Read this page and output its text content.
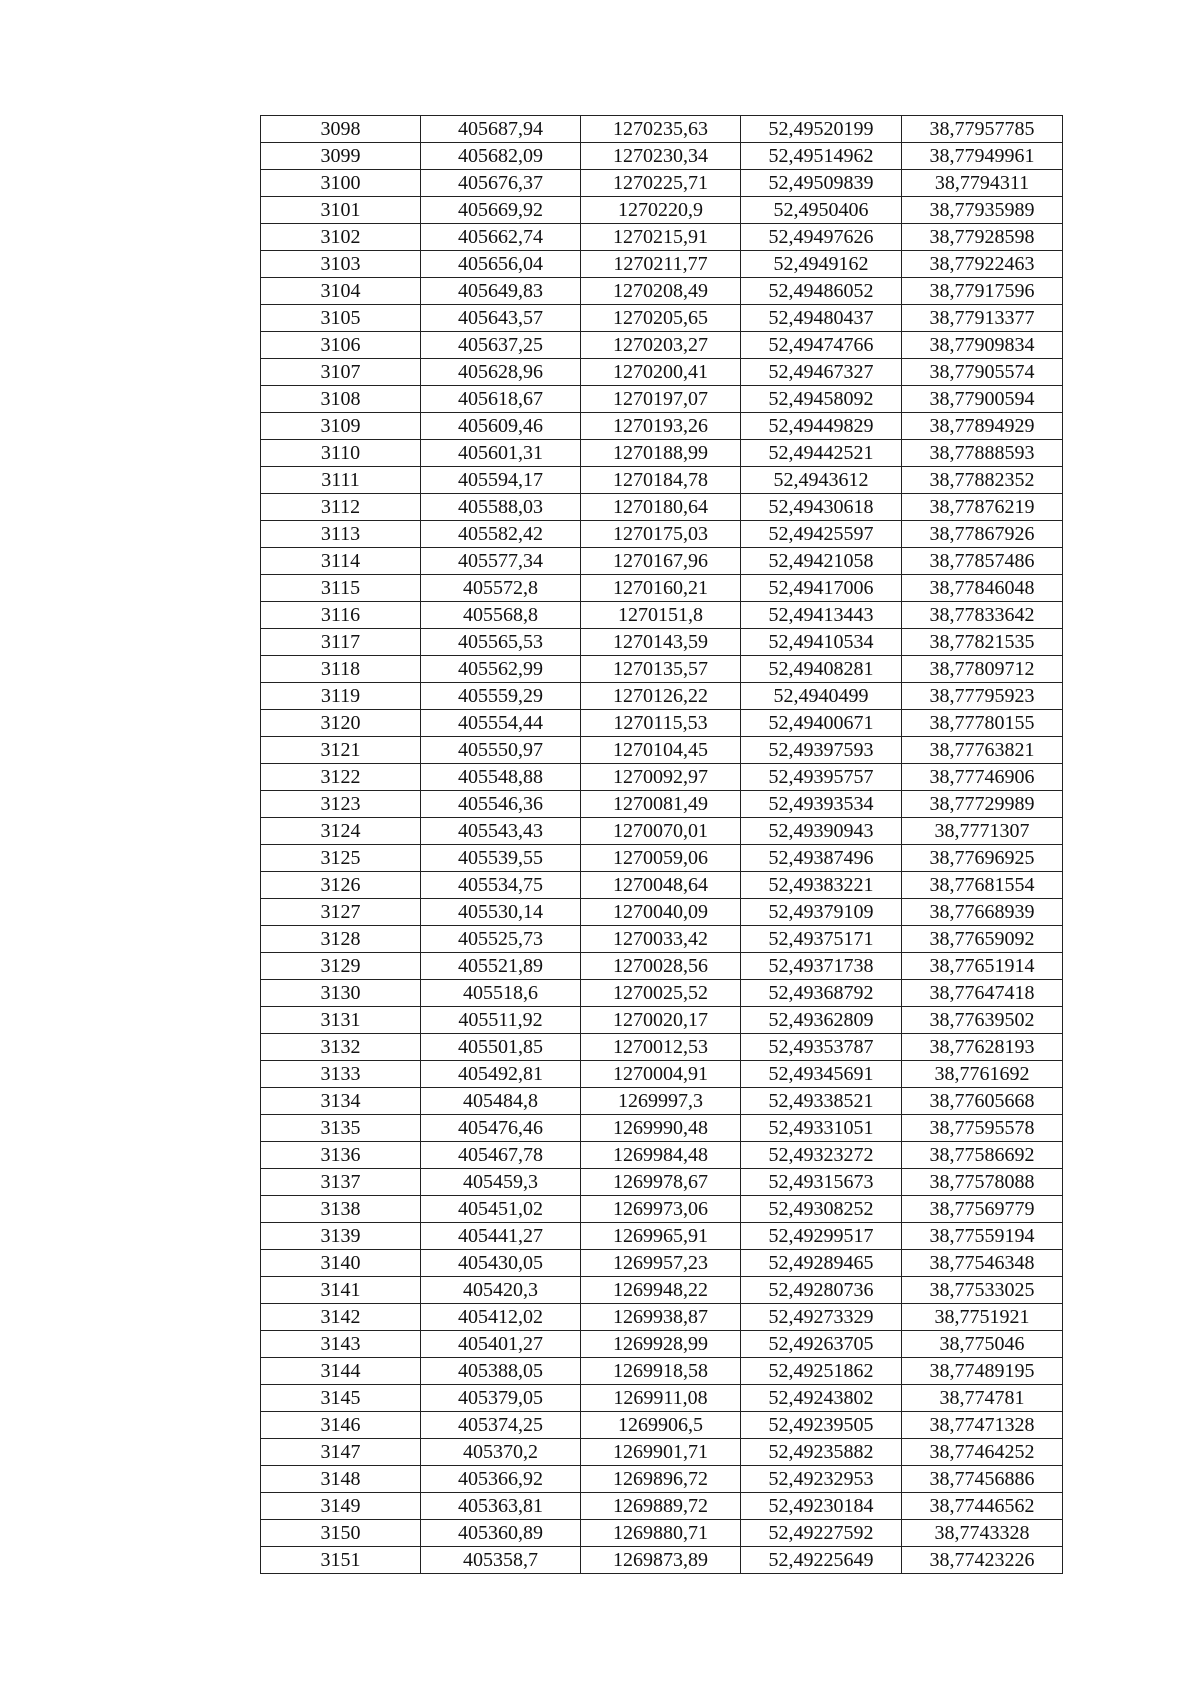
3098	405687,94	1270235,63	52,49520199	38,77957785
3099	405682,09	1270230,34	52,49514962	38,77949961
3100	405676,37	1270225,71	52,49509839	38,7794311
3101	405669,92	1270220,9	52,4950406	38,77935989
3102	405662,74	1270215,91	52,49497626	38,77928598
3103	405656,04	1270211,77	52,4949162	38,77922463
3104	405649,83	1270208,49	52,49486052	38,77917596
3105	405643,57	1270205,65	52,49480437	38,77913377
3106	405637,25	1270203,27	52,49474766	38,77909834
3107	405628,96	1270200,41	52,49467327	38,77905574
3108	405618,67	1270197,07	52,49458092	38,77900594
3109	405609,46	1270193,26	52,49449829	38,77894929
3110	405601,31	1270188,99	52,49442521	38,77888593
3111	405594,17	1270184,78	52,4943612	38,77882352
3112	405588,03	1270180,64	52,49430618	38,77876219
3113	405582,42	1270175,03	52,49425597	38,77867926
3114	405577,34	1270167,96	52,49421058	38,77857486
3115	405572,8	1270160,21	52,49417006	38,77846048
3116	405568,8	1270151,8	52,49413443	38,77833642
3117	405565,53	1270143,59	52,49410534	38,77821535
3118	405562,99	1270135,57	52,49408281	38,77809712
3119	405559,29	1270126,22	52,4940499	38,77795923
3120	405554,44	1270115,53	52,49400671	38,77780155
3121	405550,97	1270104,45	52,49397593	38,77763821
3122	405548,88	1270092,97	52,49395757	38,77746906
3123	405546,36	1270081,49	52,49393534	38,77729989
3124	405543,43	1270070,01	52,49390943	38,7771307
3125	405539,55	1270059,06	52,49387496	38,77696925
3126	405534,75	1270048,64	52,49383221	38,77681554
3127	405530,14	1270040,09	52,49379109	38,77668939
3128	405525,73	1270033,42	52,49375171	38,77659092
3129	405521,89	1270028,56	52,49371738	38,77651914
3130	405518,6	1270025,52	52,49368792	38,77647418
3131	405511,92	1270020,17	52,49362809	38,77639502
3132	405501,85	1270012,53	52,49353787	38,77628193
3133	405492,81	1270004,91	52,49345691	38,7761692
3134	405484,8	1269997,3	52,49338521	38,77605668
3135	405476,46	1269990,48	52,49331051	38,77595578
3136	405467,78	1269984,48	52,49323272	38,77586692
3137	405459,3	1269978,67	52,49315673	38,77578088
3138	405451,02	1269973,06	52,49308252	38,77569779
3139	405441,27	1269965,91	52,49299517	38,77559194
3140	405430,05	1269957,23	52,49289465	38,77546348
3141	405420,3	1269948,22	52,49280736	38,77533025
3142	405412,02	1269938,87	52,49273329	38,7751921
3143	405401,27	1269928,99	52,49263705	38,775046
3144	405388,05	1269918,58	52,49251862	38,77489195
3145	405379,05	1269911,08	52,49243802	38,774781
3146	405374,25	1269906,5	52,49239505	38,77471328
3147	405370,2	1269901,71	52,49235882	38,77464252
3148	405366,92	1269896,72	52,49232953	38,77456886
3149	405363,81	1269889,72	52,49230184	38,77446562
3150	405360,89	1269880,71	52,49227592	38,7743328
3151	405358,7	1269873,89	52,49225649	38,77423226
